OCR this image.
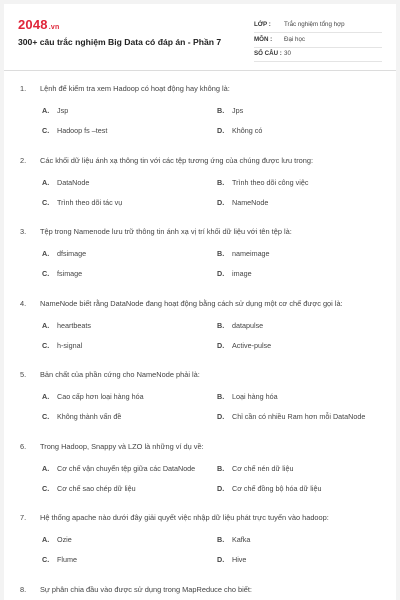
2048.vn
300+ câu trắc nghiệm Big Data có đáp án - Phần 7
LỚP : Trắc nghiệm tổng hợp
MÔN : Đại học
SỐ CÂU : 30
1. Lệnh để kiểm tra xem Hadoop có hoạt động hay không là:
A. Jsp	B. Jps
C. Hadoop fs –test	D. Không có
2. Các khối dữ liệu ánh xạ thông tin với các tệp tương ứng của chúng được lưu trong:
A. DataNode	B. Trình theo dõi công việc
C. Trình theo dõi tác vụ	D. NameNode
3. Tệp trong Namenode lưu trữ thông tin ánh xạ vị trí khối dữ liệu với tên tệp là:
A. dfsimage	B. nameimage
C. fsimage	D. image
4. NameNode biết rằng DataNode đang hoạt động bằng cách sử dụng một cơ chế được gọi là:
A. heartbeats	B. datapulse
C. h-signal	D. Active-pulse
5. Bản chất của phần cứng cho NameNode phải là:
A. Cao cấp hơn loại hàng hóa	B. Loại hàng hóa
C. Không thành vấn đề	D. Chỉ cần có nhiều Ram hơn mỗi DataNode
6. Trong Hadoop, Snappy và LZO là những ví dụ về:
A. Cơ chế vận chuyển tệp giữa các DataNode	B. Cơ chế nén dữ liệu
C. Cơ chế sao chép dữ liệu	D. Cơ chế đồng bộ hóa dữ liệu
7. Hệ thống apache nào dưới đây giải quyết việc nhập dữ liệu phát trực tuyến vào hadoop:
A. Ozie	B. Kafka
C. Flume	D. Hive
8. Sự phân chia đầu vào được sử dụng trong MapReduce cho biết:
